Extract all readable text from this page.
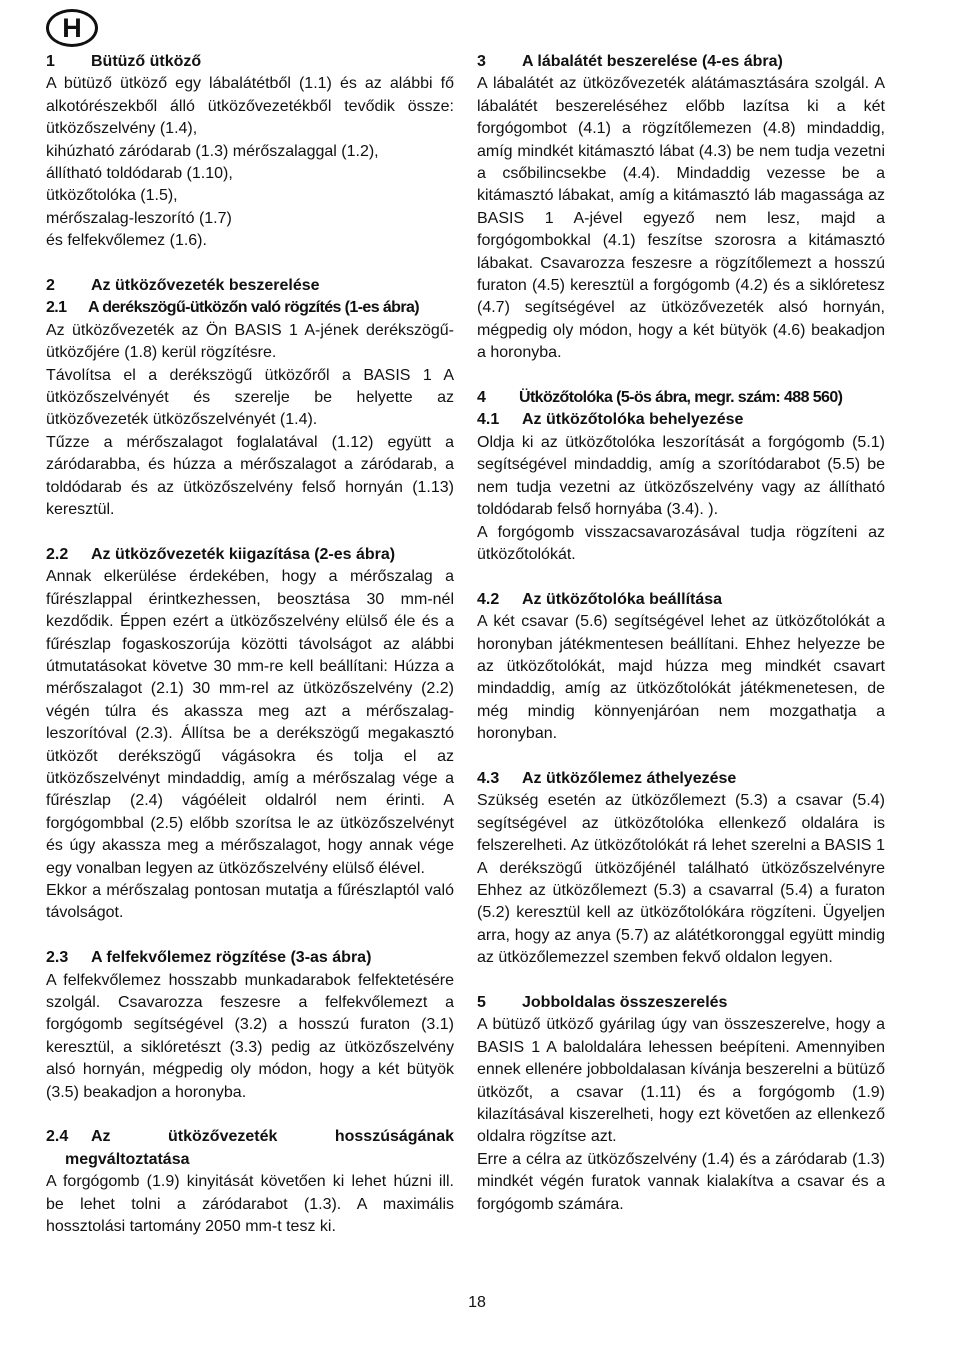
H
1	Bütüző ütköző
A bütüző ütköző egy lábalátétből (1.1) és az alábbi fő alkotórészekből álló ütközővezetékből tevődik össze: ütközőszelvény (1.4),
kihúzható záródarab (1.3) mérőszalaggal (1.2),
állítható toldódarab (1.10),
ütközőtolóka (1.5),
mérőszalag-leszorító (1.7)
és felfekvőlemez (1.6).
2	Az ütközővezeték beszerelése
2.1	A derékszögű-ütközőn való rögzítés (1-es ábra)
Az ütközővezeték az Ön BASIS 1 A-jének derékszögű-ütközőjére (1.8) kerül rögzítésre.
Távolítsa el a derékszögű ütközőről a BASIS 1 A ütközőszelvényét és szerelje be helyette az ütközővezeték ütközőszelvényét (1.4).
Tűzze a mérőszalagot foglalatával (1.12) együtt a záródarabba, és húzza a mérőszalagot a záródarab, a toldódarab és az ütközőszelvény felső hornyán (1.13) keresztül.
2.2	Az ütközővezeték kiigazítása (2-es ábra)
Annak elkerülése érdekében, hogy a mérőszalag a fűrészlappal érintkezhessen, beosztása 30 mm-nél kezdődik. Éppen ezért a ütközőszelvény elülső éle és a fűrészlap fogaskoszorúja közötti távolságot az alábbi útmutatásokat követve 30 mm-re kell beállítani: Húzza a mérőszalagot (2.1) 30 mm-rel az ütközőszelvény (2.2) végén túlra és akassza meg azt a mérőszalag-leszorítóval (2.3). Állítsa be a derékszögű megakasztó ütközőt derékszögű vágásokra és tolja el az ütközőszelvényt mindaddig, amíg a mérőszalag vége a fűrészlap (2.4) vágóéleit oldalról nem érinti. A forgógombbal (2.5) előbb szorítsa le az ütközőszelvényt és úgy akassza meg a mérőszalagot, hogy annak vége egy vonalban legyen az ütközőszelvény elülső élével.
Ekkor a mérőszalag pontosan mutatja a fűrészlaptól való távolságot.
2.3	A felfekvőlemez rögzítése (3-as ábra)
A felfekvőlemez hosszabb munkadarabok felfektetésére szolgál. Csavarozza feszesre a felfekvőlemezt a forgógomb segítségével (3.2) a hosszú furaton (3.1) keresztül, a siklóretészt (3.3) pedig az ütközőszelvény alsó hornyán, mégpedig oly módon, hogy a két bütyök (3.5) beakadjon a horonyba.
2.4	Az ütközővezeték hosszúságának
megváltoztatása
A forgógomb (1.9) kinyitását követően ki lehet húzni ill. be lehet tolni a záródarabot (1.3). A maximális hossztolási tartomány 2050 mm-t tesz ki.
3	A lábalátét beszerelése (4-es ábra)
A lábalátét az ütközővezeték alátámasztására szolgál. A lábalátét beszereléséhez előbb lazítsa ki a két forgógombot (4.1) a rögzítőlemezen (4.8) mindaddig, amíg mindkét kitámasztó lábat (4.3) be nem tudja vezetni a csőbilincsekbe (4.4). Mindaddig vezesse be a kitámasztó lábakat, amíg a kitámasztó láb magassága az BASIS 1 A-jével egyező nem lesz, majd a forgógombokkal (4.1) feszítse szorosra a kitámasztó lábakat. Csavarozza feszesre a rögzítőlemezt a hosszú furaton (4.5) keresztül a forgógomb (4.2) és a siklóretesz (4.7) segítségével az ütközővezeték alsó hornyán, mégpedig oly módon, hogy a két bütyök (4.6) beakadjon a horonyba.
4	Ütközőtolóka (5-ös ábra, megr. szám: 488 560)
4.1	Az ütközőtolóka behelyezése
Oldja ki az ütközőtolóka leszorítását a forgógomb (5.1) segítségével mindaddig, amíg a szorítódarabot (5.5) be nem tudja vezetni az ütközőszelvény vagy az állítható toldódarab felső hornyába (3.4). ).
A forgógomb visszacsavarozásával tudja rögzíteni az ütközőtolókát.
4.2	Az ütközőtolóka beállítása
A két csavar (5.6) segítségével lehet az ütközőtolókát a horonyban játékmentesen beállítani. Ehhez helyezze be az ütközőtolókát, majd húzza meg mindkét csavart mindaddig, amíg az ütközőtolókát játékmenetesen, de még mindig könnyenjáróan nem mozgathatja a horonyban.
4.3	Az ütközőlemez áthelyezése
Szükség esetén az ütközőlemezt (5.3) a csavar (5.4) segítségével az ütközőtolóka ellenkező oldalára is felszerelheti. Az ütközőtolókát rá lehet szerelni a BASIS 1 A derékszögű ütközőjénél található ütközőszelvényre Ehhez az ütközőlemezt (5.3) a csavarral (5.4) a furaton (5.2) keresztül kell az ütközőtolókára rögzíteni. Ügyeljen arra, hogy az anya (5.7) az alátétkoronggal együtt mindig az ütközőlemezzel szemben fekvő oldalon legyen.
5	Jobboldalas összeszerelés
A bütüző ütköző gyárilag úgy van összeszerelve, hogy a BASIS 1 A baloldalára lehessen beépíteni. Amennyiben ennek ellenére jobboldalasan kívánja beszerelni a bütüző ütközőt, a csavar (1.11) és a forgógomb (1.9) kilazításával kiszerelheti, hogy ezt követően az ellenkező oldalra rögzítse azt.
Erre a célra az ütközőszelvény (1.4) és a záródarab (1.3) mindkét végén furatok vannak kialakítva a csavar és a forgógomb számára.
18
